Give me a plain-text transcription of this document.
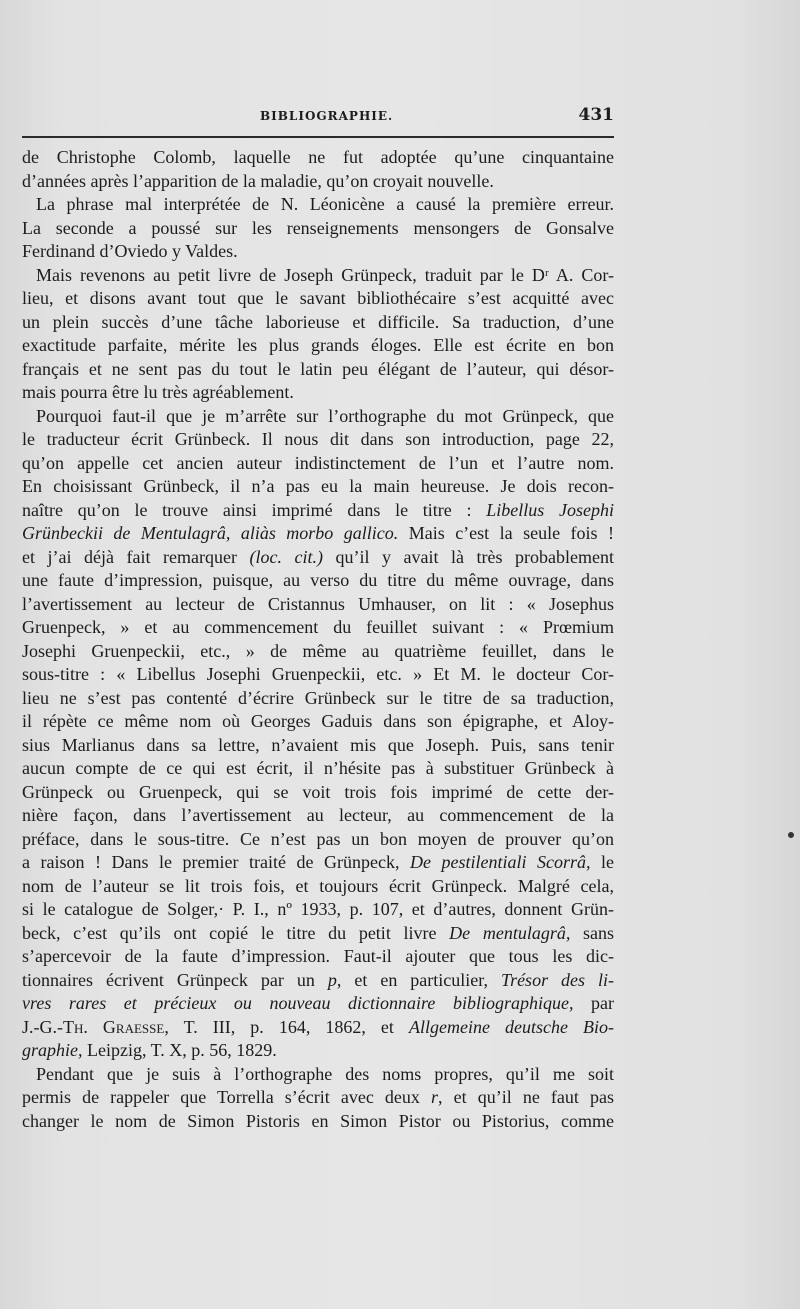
BIBLIOGRAPHIE.	431
de Christophe Colomb, laquelle ne fut adoptée qu’une cinquantaine
d’années après l’apparition de la maladie, qu’on croyait nouvelle.
La phrase mal interprétée de N. Léonicène a causé la première erreur.
La seconde a poussé sur les renseignements mensongers de Gonsalve
Ferdinand d’Oviedo y Valdes.
Mais revenons au petit livre de Joseph Grünpeck, traduit par le Dʳ A. Cor-
lieu, et disons avant tout que le savant bibliothécaire s’est acquitté avec
un plein succès d’une tâche laborieuse et difficile. Sa traduction, d’une
exactitude parfaite, mérite les plus grands éloges. Elle est écrite en bon
français et ne sent pas du tout le latin peu élégant de l’auteur, qui désor-
mais pourra être lu très agréablement.
Pourquoi faut-il que je m’arrête sur l’orthographe du mot Grünpeck, que
le traducteur écrit Grünbeck. Il nous dit dans son introduction, page 22,
qu’on appelle cet ancien auteur indistinctement de l’un et l’autre nom.
En choisissant Grünbeck, il n’a pas eu la main heureuse. Je dois recon-
naître qu’on le trouve ainsi imprimé dans le titre : Libellus Josephi
Grünbeckii de Mentulagrâ, aliàs morbo gallico. Mais c’est la seule fois !
et j’ai déjà fait remarquer (loc. cit.) qu’il y avait là très probablement
une faute d’impression, puisque, au verso du titre du même ouvrage, dans
l’avertissement au lecteur de Cristannus Umhauser, on lit : « Josephus
Gruenpeck, » et au commencement du feuillet suivant : « Prœmium
Josephi Gruenpeckii, etc., » de même au quatrième feuillet, dans le
sous-titre : « Libellus Josephi Gruenpeckii, etc. » Et M. le docteur Cor-
lieu ne s’est pas contenté d’écrire Grünbeck sur le titre de sa traduction,
il répète ce même nom où Georges Gaduis dans son épigraphe, et Aloy-
sius Marlianus dans sa lettre, n’avaient mis que Joseph. Puis, sans tenir
aucun compte de ce qui est écrit, il n’hésite pas à substituer Grünbeck à
Grünpeck ou Gruenpeck, qui se voit trois fois imprimé de cette der-
nière façon, dans l’avertissement au lecteur, au commencement de la
préface, dans le sous-titre. Ce n’est pas un bon moyen de prouver qu’on
a raison ! Dans le premier traité de Grünpeck, De pestilentiali Scorrâ, le
nom de l’auteur se lit trois fois, et toujours écrit Grünpeck. Malgré cela,
si le catalogue de Solger,· P. I., nº 1933, p. 107, et d’autres, donnent Grün-
beck, c’est qu’ils ont copié le titre du petit livre De mentulagrâ, sans
s’apercevoir de la faute d’impression. Faut-il ajouter que tous les dic-
tionnaires écrivent Grünpeck par un p, et en particulier, Trésor des li-
vres rares et précieux ou nouveau dictionnaire bibliographique, par
J.-G.-Th. Graesse, T. III, p. 164, 1862, et Allgemeine deutsche Bio-
graphie, Leipzig, T. X, p. 56, 1829.
Pendant que je suis à l’orthographe des noms propres, qu’il me soit
permis de rappeler que Torrella s’écrit avec deux r, et qu’il ne faut pas
changer le nom de Simon Pistoris en Simon Pistor ou Pistorius, comme
